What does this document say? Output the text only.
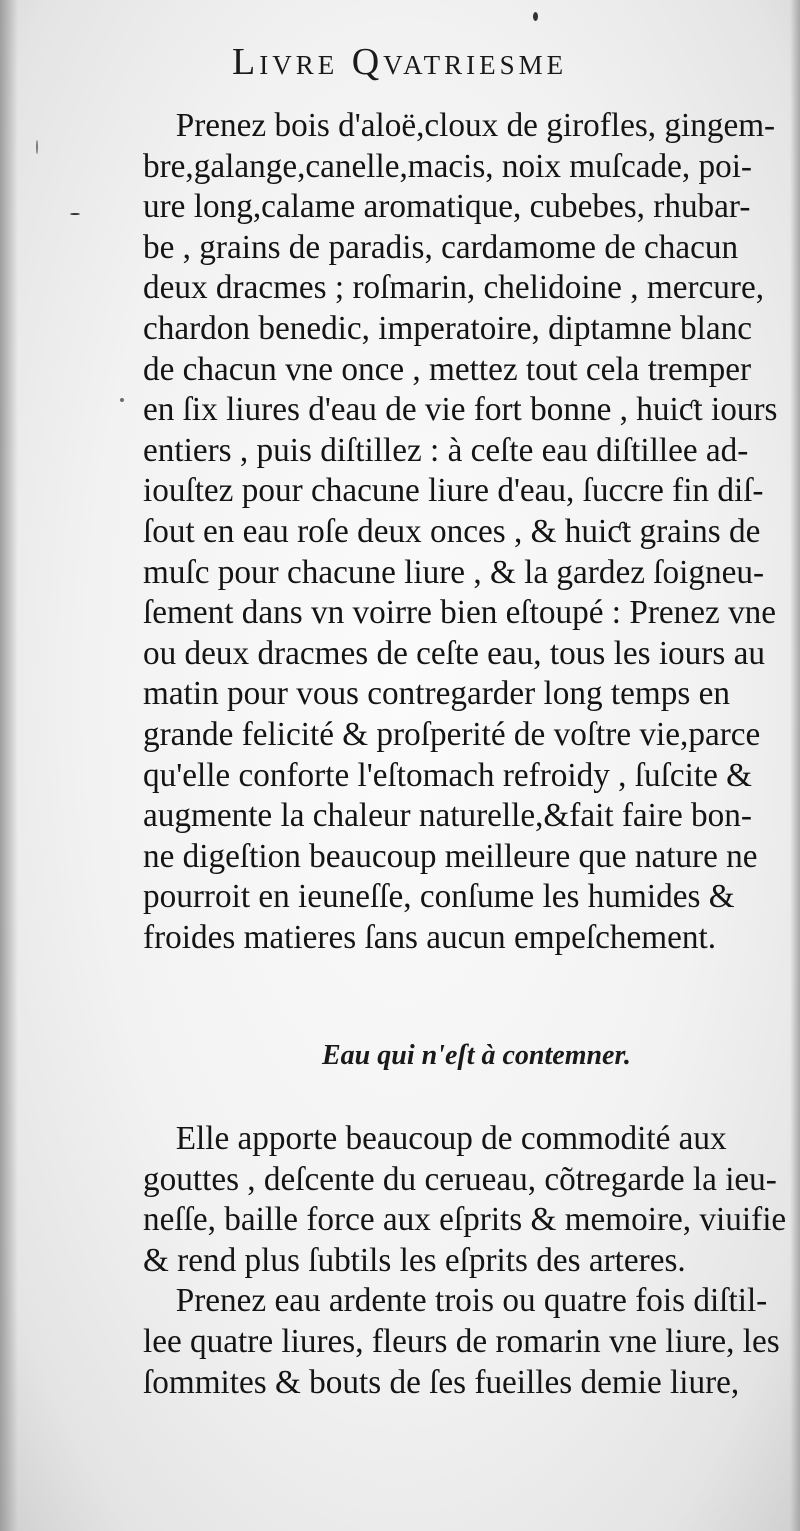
Livre Qvatriesme
Prenez bois d'aloë,cloux de girofles, gingem-
bre,galange,canelle,macis, noix muſcade, poi-
ure long,calame aromatique, cubebes, rhubar-
be , grains de paradis, cardamome de chacun
deux dracmes ; roſmarin, chelidoine , mercure,
chardon benedic, imperatoire, diptamne blanc
de chacun vne once , mettez tout cela tremper
en ſix liures d'eau de vie fort bonne , huiƈt iours
entiers , puis diſtillez : à ceſte eau diſtillee ad-
iouſtez pour chacune liure d'eau, ſuccre fin diſ-
ſout en eau roſe deux onces , & huiƈt grains de
muſc pour chacune liure , & la gardez ſoigneu-
ſement dans vn voirre bien eſtoupé : Prenez vne
ou deux dracmes de ceſte eau, tous les iours au
matin pour vous contregarder long temps en
grande felicité & proſperité de voſtre vie,parce
qu'elle conforte l'eſtomach refroidy , ſuſcite &
augmente la chaleur naturelle,&fait faire bon-
ne digeſtion beaucoup meilleure que nature ne
pourroit en ieuneſſe, conſume les humides &
froides matieres ſans aucun empeſchement.
Eau qui n'eſt à contemner.
Elle apporte beaucoup de commodité aux
gouttes , deſcente du cerueau, cõtregarde la ieu-
neſſe, baille force aux eſprits & memoire, viuifie
& rend plus ſubtils les eſprits des arteres.
Prenez eau ardente trois ou quatre fois diſtil-
lee quatre liures, fleurs de romarin vne liure, les
ſommites & bouts de ſes fueilles demie liure,
